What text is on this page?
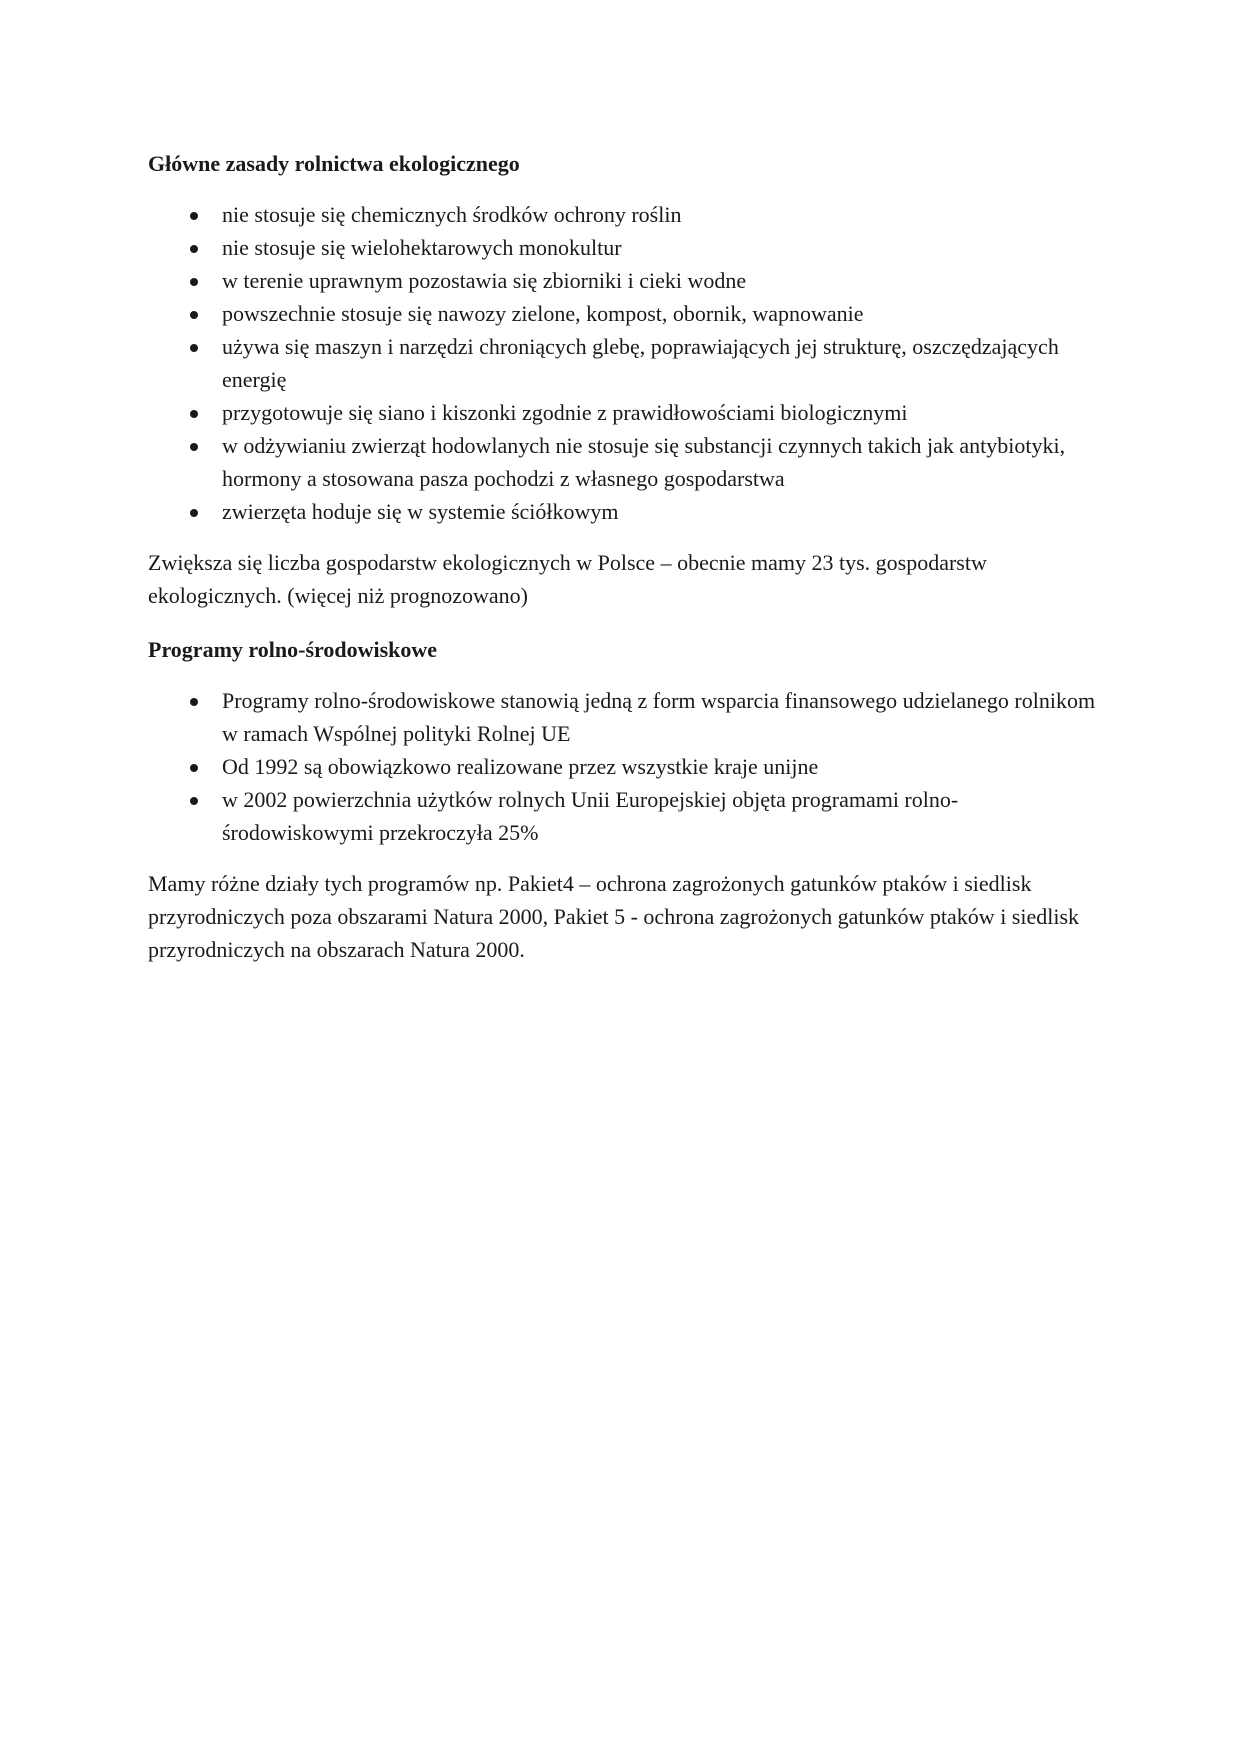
Główne zasady rolnictwa ekologicznego
nie stosuje się chemicznych środków ochrony roślin
nie stosuje się wielohektarowych monokultur
w terenie uprawnym pozostawia się zbiorniki i cieki wodne
powszechnie stosuje się nawozy zielone, kompost, obornik, wapnowanie
używa się maszyn i narzędzi chroniących glebę, poprawiających jej strukturę, oszczędzających energię
przygotowuje się siano i kiszonki zgodnie z prawidłowościami biologicznymi
w odżywianiu zwierząt hodowlanych nie stosuje się substancji czynnych takich jak antybiotyki, hormony a stosowana pasza pochodzi z własnego gospodarstwa
zwierzęta hoduje się w systemie ściółkowym

Zwiększa się liczba gospodarstw ekologicznych w Polsce – obecnie mamy 23 tys. gospodarstw ekologicznych. (więcej niż prognozowano)

Programy rolno-środowiskowe
Programy rolno-środowiskowe stanowią jedną z form wsparcia finansowego udzielanego rolnikom w ramach Wspólnej polityki Rolnej UE
Od 1992 są obowiązkowo realizowane przez wszystkie kraje unijne
w 2002 powierzchnia użytków rolnych Unii Europejskiej objęta programami rolno-środowiskowymi przekroczyła 25%

Mamy różne działy tych programów np. Pakiet4 – ochrona zagrożonych gatunków ptaków i siedlisk przyrodniczych poza obszarami Natura 2000, Pakiet 5 - ochrona zagrożonych gatunków ptaków i siedlisk przyrodniczych na obszarach Natura 2000.
